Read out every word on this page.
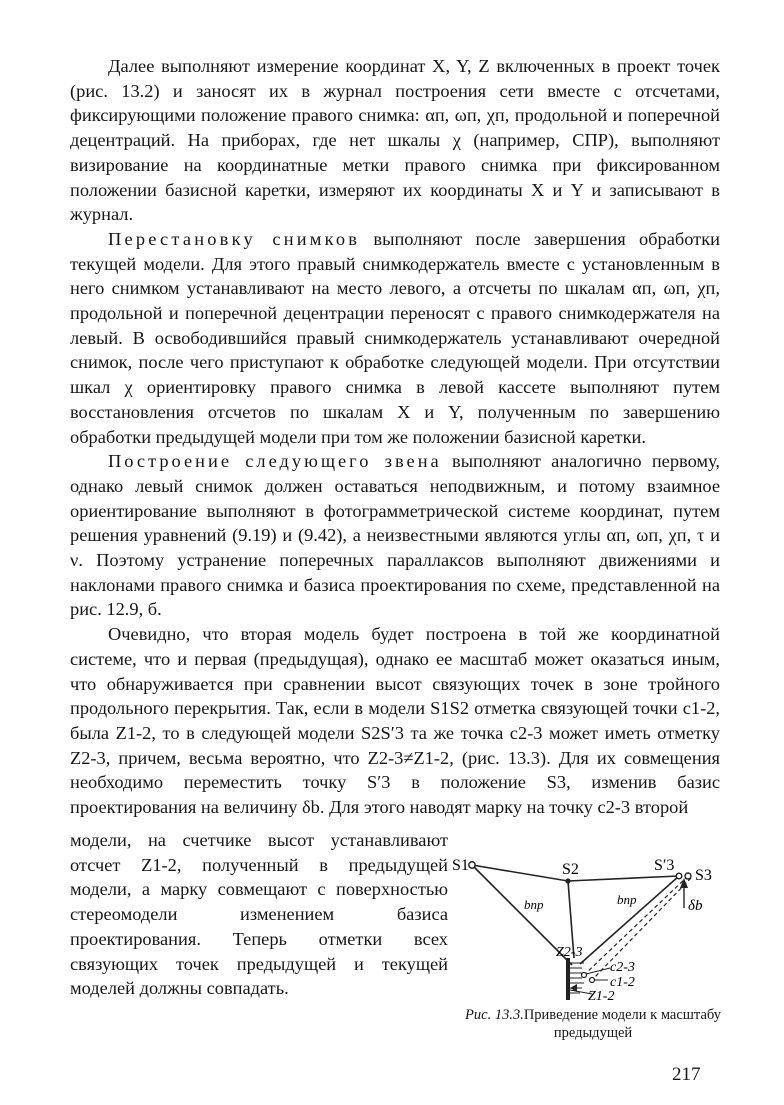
Далее выполняют измерение координат X, Y, Z включенных в проект точек (рис. 13.2) и заносят их в журнал построения сети вместе с отсчетами, фиксирующими положение правого снимка: αп, ωп, χп, продольной и поперечной децентраций. На приборах, где нет шкалы χ (например, СПР), выполняют визирование на координатные метки правого снимка при фиксированном положении базисной каретки, измеряют их координаты X и Y и записывают в журнал.

Перестановку снимков выполняют после завершения обработки текущей модели. Для этого правый снимкодержатель вместе с установленным в него снимком устанавливают на место левого, а отсчеты по шкалам αп, ωп, χп, продольной и поперечной децентрации переносят с правого снимкодержателя на левый. В освободившийся правый снимкодержатель устанавливают очередной снимок, после чего приступают к обработке следующей модели. При отсутствии шкал χ ориентировку правого снимка в левой кассете выполняют путем восстановления отсчетов по шкалам X и Y, полученным по завершению обработки предыдущей модели при том же положении базисной каретки.

Построение следующего звена выполняют аналогично первому, однако левый снимок должен оставаться неподвижным, и потому взаимное ориентирование выполняют в фотограмметрической системе координат, путем решения уравнений (9.19) и (9.42), а неизвестными являются углы αп, ωп, χп, τ и ν. Поэтому устранение поперечных параллаксов выполняют движениями и наклонами правого снимка и базиса проектирования по схеме, представленной на рис. 12.9, б.

Очевидно, что вторая модель будет построена в той же координатной системе, что и первая (предыдущая), однако ее масштаб может оказаться иным, что обнаруживается при сравнении высот связующих точек в зоне тройного продольного перекрытия. Так, если в модели S1S2 отметка связующей точки c1-2, была Z1-2, то в следующей модели S2S′3 та же точка c2-3 может иметь отметку Z2-3, причем, весьма вероятно, что Z2-3≠Z1-2, (рис. 13.3). Для их совмещения необходимо переместить точку S′3 в положение S3, изменив базис проектирования на величину δb. Для этого наводят марку на точку c2-3 второй

модели, на счетчике высот устанавливают отсчет Z1-2, полученный в предыдущей модели, а марку совмещают с поверхностью стереомодели изменением базиса проектирования. Теперь отметки всех связующих точек предыдущей и текущей моделей должны совпадать.

S1	S2	S′3
S3
bпр	bпр	δb
Z2-3
c2-3
c1-2
Z1-2
Рис. 13.3.Приведение модели к масштабу предыдущей
217
